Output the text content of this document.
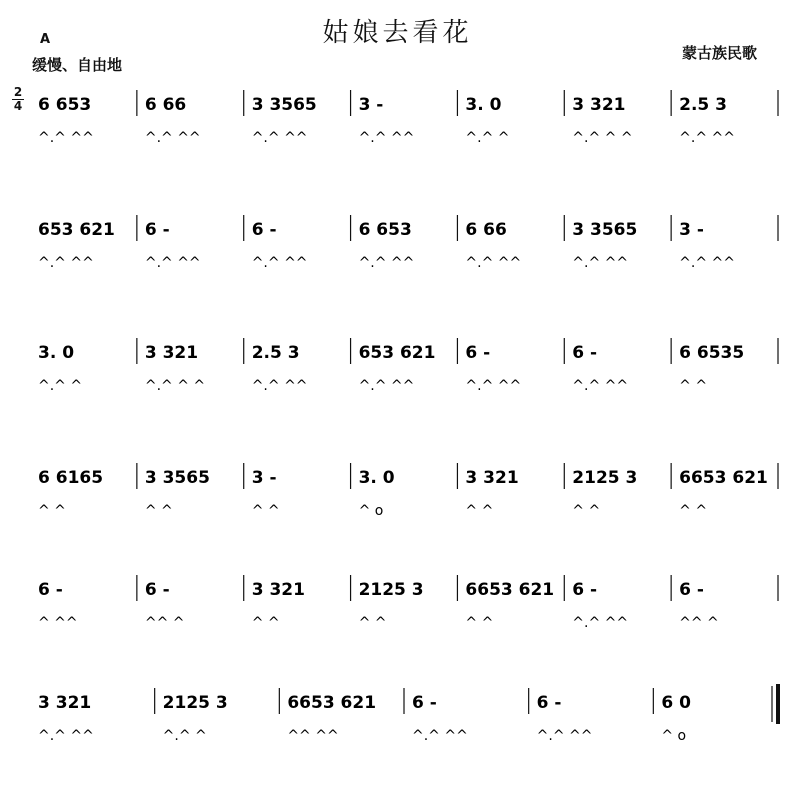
姑娘去看花
A
缓慢、自由地
蒙古族民歌
2
4 6 653
^.^ ^^
6 66
^.^ ^^
3 3565
^.^ ^^
3 -
^.^ ^^
3. 0
^.^ ^
3 321
^.^ ^ ^
2.5 3
^.^ ^^
653 621
^.^ ^^
6 -
^.^ ^^
6 -
^.^ ^^
6 653
^.^ ^^
6 66
^.^ ^^
3 3565
^.^ ^^
3 -
^.^ ^^
3. 0
^.^ ^
3 321
^.^ ^ ^
2.5 3
^.^ ^^
653 621
^.^ ^^
6 -
^.^ ^^
6 -
^.^ ^^
6 6535
^ ^
6 6165
^ ^
3 3565
^ ^
3 -
^ ^
3. 0
^ o
3 321
^ ^
2125 3
^ ^
6653 621
^ ^
6 -
^ ^^
6 -
^^ ^
3 321
^ ^
2125 3
^ ^
6653 621
^ ^
6 -
^.^ ^^
6 -
^^ ^
3 321
^.^ ^^
2125 3
^.^ ^
6653 621
^^ ^^
6 -
^.^ ^^
6 -
^.^ ^^
6 0
^ o
